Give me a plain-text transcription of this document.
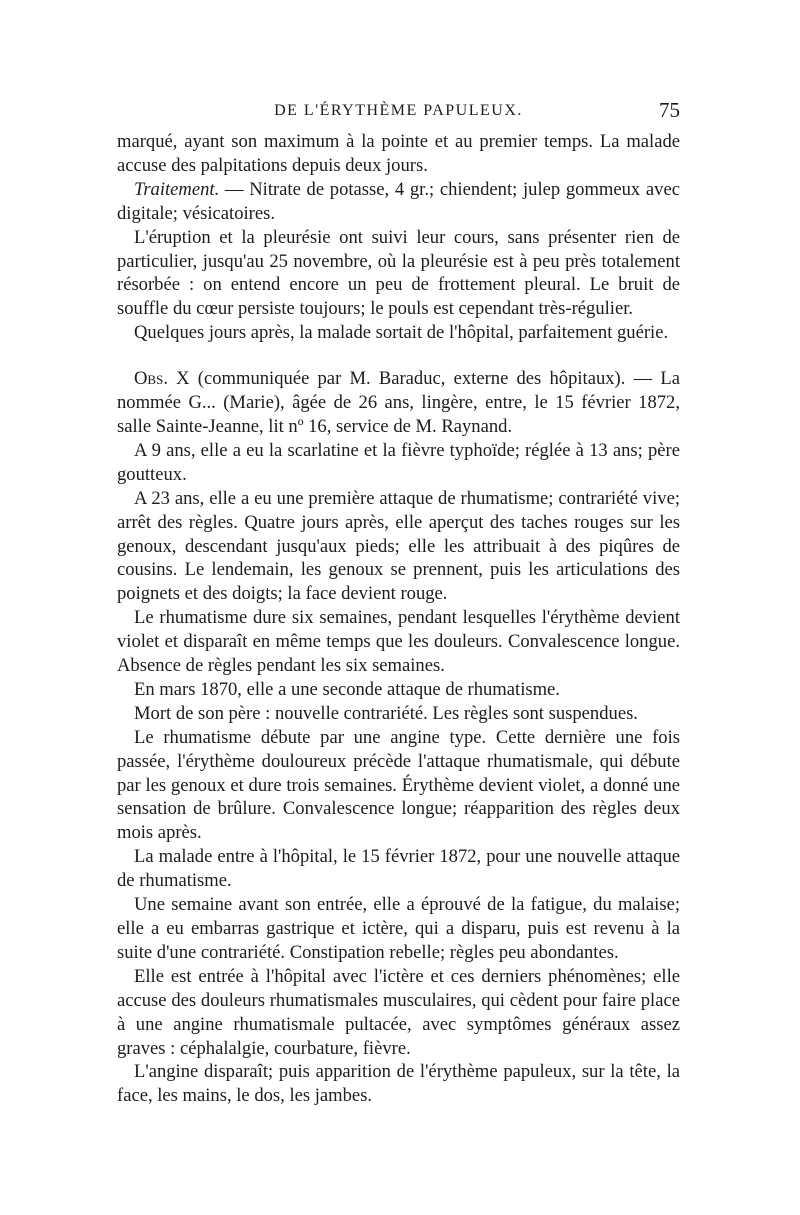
DE L'ÉRYTHÈME PAPULEUX.	75

marqué, ayant son maximum à la pointe et au premier temps. La malade accuse des palpitations depuis deux jours.

Traitement. — Nitrate de potasse, 4 gr.; chiendent; julep gommeux avec digitale; vésicatoires.

L'éruption et la pleurésie ont suivi leur cours, sans présenter rien de particulier, jusqu'au 25 novembre, où la pleurésie est à peu près totalement résorbée : on entend encore un peu de frottement pleural. Le bruit de souffle du cœur persiste toujours; le pouls est cependant très-régulier.

Quelques jours après, la malade sortait de l'hôpital, parfaitement guérie.

Obs. X (communiquée par M. Baraduc, externe des hôpitaux). — La nommée G... (Marie), âgée de 26 ans, lingère, entre, le 15 février 1872, salle Sainte-Jeanne, lit nº 16, service de M. Raynand.

A 9 ans, elle a eu la scarlatine et la fièvre typhoïde; réglée à 13 ans; père goutteux.

A 23 ans, elle a eu une première attaque de rhumatisme; contrariété vive; arrêt des règles. Quatre jours après, elle aperçut des taches rouges sur les genoux, descendant jusqu'aux pieds; elle les attribuait à des piqûres de cousins. Le lendemain, les genoux se prennent, puis les articulations des poignets et des doigts; la face devient rouge.

Le rhumatisme dure six semaines, pendant lesquelles l'érythème devient violet et disparaît en même temps que les douleurs. Convalescence longue. Absence de règles pendant les six semaines.

En mars 1870, elle a une seconde attaque de rhumatisme.

Mort de son père : nouvelle contrariété. Les règles sont suspendues.

Le rhumatisme débute par une angine type. Cette dernière une fois passée, l'érythème douloureux précède l'attaque rhumatismale, qui débute par les genoux et dure trois semaines. Érythème devient violet, a donné une sensation de brûlure. Convalescence longue; réapparition des règles deux mois après.

La malade entre à l'hôpital, le 15 février 1872, pour une nouvelle attaque de rhumatisme.

Une semaine avant son entrée, elle a éprouvé de la fatigue, du malaise; elle a eu embarras gastrique et ictère, qui a disparu, puis est revenu à la suite d'une contrariété. Constipation rebelle; règles peu abondantes.

Elle est entrée à l'hôpital avec l'ictère et ces derniers phénomènes; elle accuse des douleurs rhumatismales musculaires, qui cèdent pour faire place à une angine rhumatismale pultacée, avec symptômes généraux assez graves : céphalalgie, courbature, fièvre.

L'angine disparaît; puis apparition de l'érythème papuleux, sur la tête, la face, les mains, le dos, les jambes.
